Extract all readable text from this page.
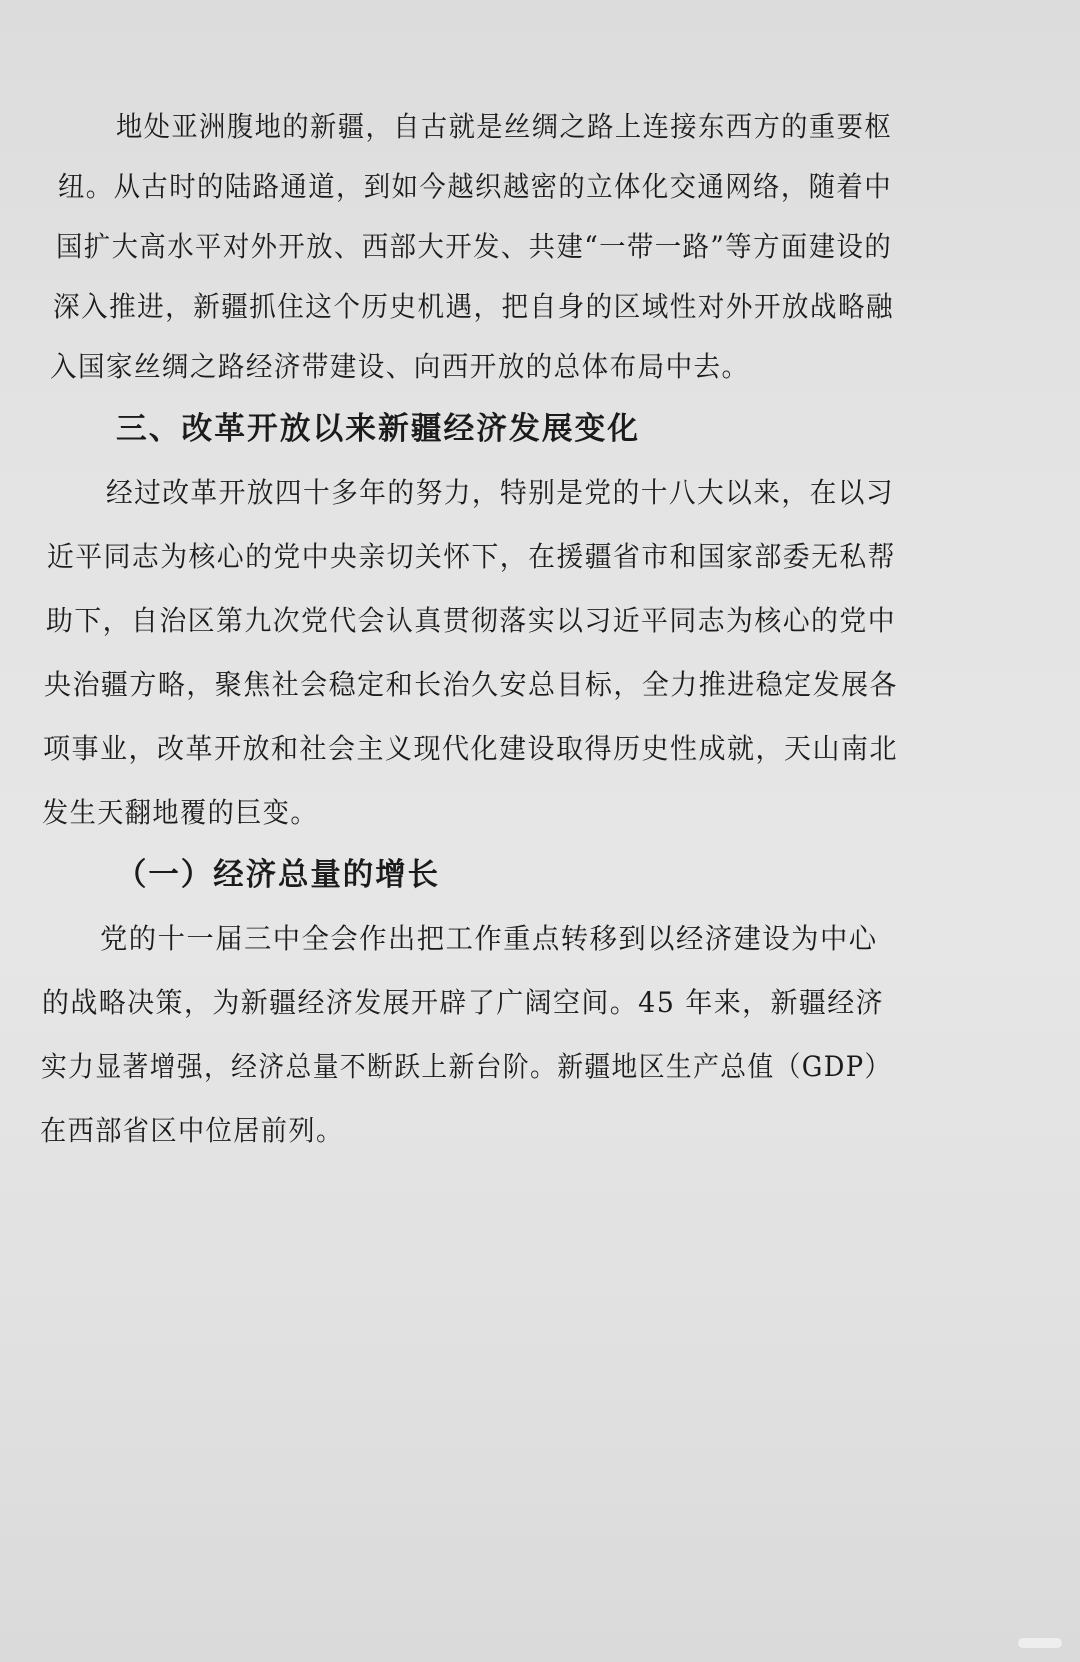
地处亚洲腹地的新疆，自古就是丝绸之路上连接东西方的重要枢
纽。从古时的陆路通道，到如今越织越密的立体化交通网络，随着中
国扩大高水平对外开放、西部大开发、共建“一带一路”等方面建设的
深入推进，新疆抓住这个历史机遇，把自身的区域性对外开放战略融
入国家丝绸之路经济带建设、向西开放的总体布局中去。
三、改革开放以来新疆经济发展变化
经过改革开放四十多年的努力，特别是党的十八大以来，在以习
近平同志为核心的党中央亲切关怀下，在援疆省市和国家部委无私帮
助下，自治区第九次党代会认真贯彻落实以习近平同志为核心的党中
央治疆方略，聚焦社会稳定和长治久安总目标，全力推进稳定发展各
项事业，改革开放和社会主义现代化建设取得历史性成就，天山南北
发生天翻地覆的巨变。
（一）经济总量的增长
党的十一届三中全会作出把工作重点转移到以经济建设为中心
的战略决策，为新疆经济发展开辟了广阔空间。45 年来，新疆经济
实力显著增强，经济总量不断跃上新台阶。新疆地区生产总值（GDP）
在西部省区中位居前列。
